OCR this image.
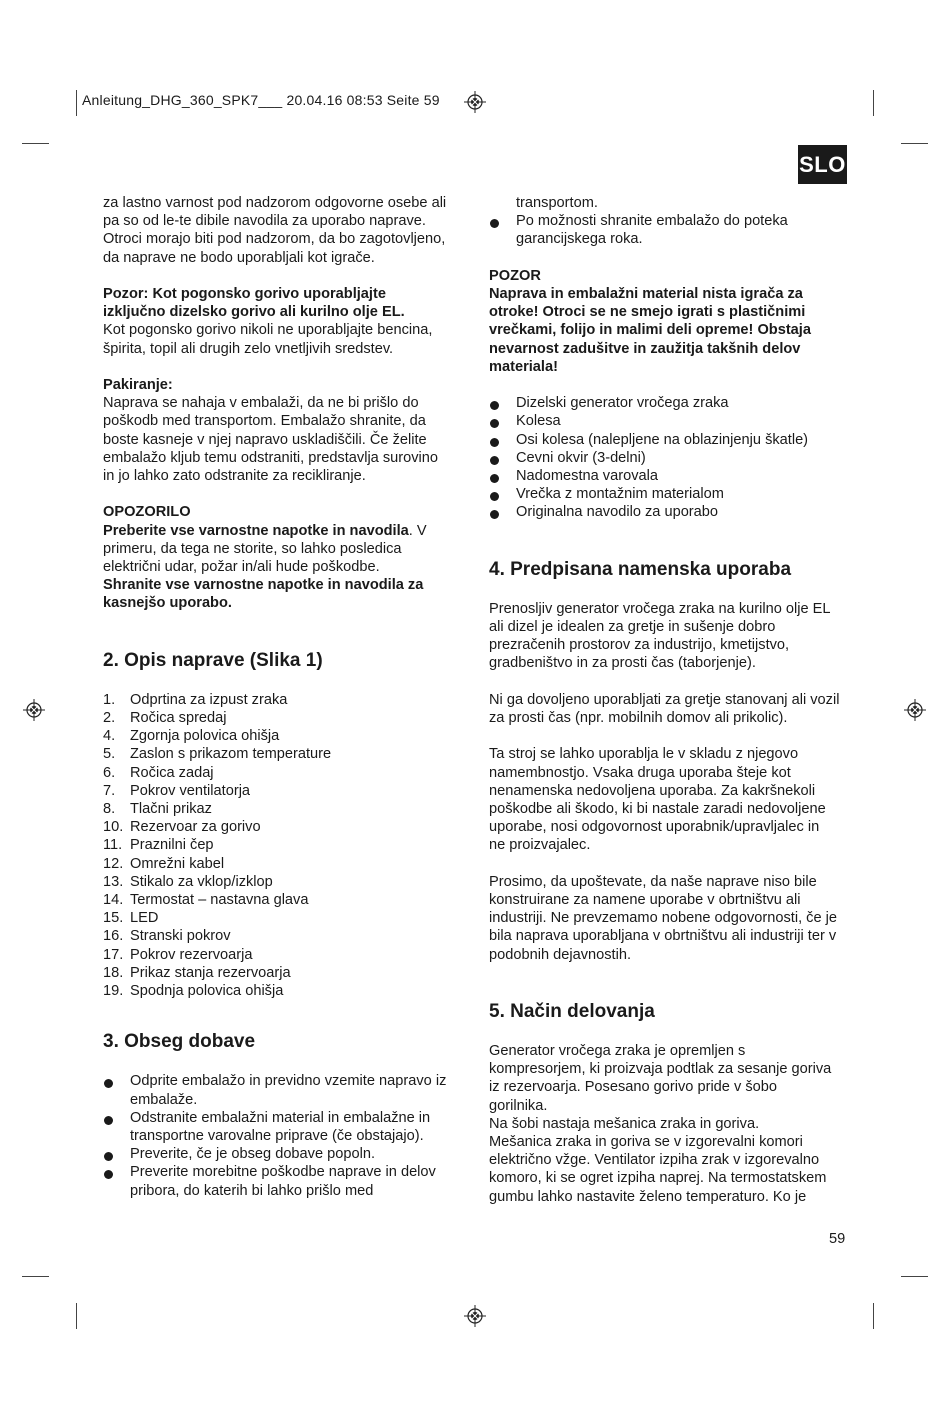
Anleitung_DHG_360_SPK7___ 20.04.16 08:53 Seite 59
SLO

za lastno varnost pod nadzorom odgovorne osebe ali
pa so od le-te dibile navodila za uporabo naprave.
Otroci morajo biti pod nadzorom, da bo zagotovljeno,
da naprave ne bodo uporabljali kot igrače.

Pozor: Kot pogonsko gorivo uporabljajte
izključno dizelsko gorivo ali kurilno olje EL.
Kot pogonsko gorivo nikoli ne uporabljajte bencina,
špirita, topil ali drugih zelo vnetljivih sredstev.

Pakiranje:
Naprava se nahaja v embalaži, da ne bi prišlo do
poškodb med transportom. Embalažo shranite, da
boste kasneje v njej napravo uskladiščili. Če želite
embalažo kljub temu odstraniti, predstavlja surovino
in jo lahko zato odstranite za recikliranje.

OPOZORILO
Preberite vse varnostne napotke in navodila. V
primeru, da tega ne storite, so lahko posledica
električni udar, požar in/ali hude poškodbe.
Shranite vse varnostne napotke in navodila za
kasnejšo uporabo.

2. Opis naprave (Slika 1)
1. Odprtina za izpust zraka
2. Ročica spredaj
4. Zgornja polovica ohišja
5. Zaslon s prikazom temperature
6. Ročica zadaj
7. Pokrov ventilatorja
8. Tlačni prikaz
10. Rezervoar za gorivo
11. Praznilni čep
12. Omrežni kabel
13. Stikalo za vklop/izklop
14. Termostat – nastavna glava
15. LED
16. Stranski pokrov
17. Pokrov rezervoarja
18. Prikaz stanja rezervoarja
19. Spodnja polovica ohišja
3. Obseg dobave
Odprite embalažo in previdno vzemite napravo iz
embalaže.
Odstranite embalažni material in embalažne in
transportne varovalne priprave (če obstajajo).
Preverite, če je obseg dobave popoln.
Preverite morebitne poškodbe naprave in delov
pribora, do katerih bi lahko prišlo med
transportom.
Po možnosti shranite embalažo do poteka
garancijskega roka.

POZOR
Naprava in embalažni material nista igrača za
otroke! Otroci se ne smejo igrati s plastičnimi
vrečkami, folijo in malimi deli opreme! Obstaja
nevarnost zadušitve in zaužitja takšnih delov
materiala!

Dizelski generator vročega zraka
Kolesa
Osi kolesa (nalepljene na oblazinjenju škatle)
Cevni okvir (3-delni)
Nadomestna varovala
Vrečka z montažnim materialom
Originalna navodilo za uporabo
4. Predpisana namenska uporaba

Prenosljiv generator vročega zraka na kurilno olje EL
ali dizel je idealen za gretje in sušenje dobro
prezračenih prostorov za industrijo, kmetijstvo,
gradbeništvo in za prosti čas (taborjenje).

Ni ga dovoljeno uporabljati za gretje stanovanj ali vozil
za prosti čas (npr. mobilnih domov ali prikolic).

Ta stroj se lahko uporablja le v skladu z njegovo
namembnostjo. Vsaka druga uporaba šteje kot
nenamenska nedovoljena uporaba. Za kakršnekoli
poškodbe ali škodo, ki bi nastale zaradi nedovoljene
uporabe, nosi odgovornost uporabnik/upravljalec in
ne proizvajalec.

Prosimo, da upoštevate, da naše naprave niso bile
konstruirane za namene uporabe v obrtništvu ali
industriji. Ne prevzemamo nobene odgovornosti, če je
bila naprava uporabljana v obrtništvu ali industriji ter v
podobnih dejavnostih.

5. Način delovanja

Generator vročega zraka je opremljen s
kompresorjem, ki proizvaja podtlak za sesanje goriva
iz rezervoarja. Posesano gorivo pride v šobo
gorilnika.
Na šobi nastaja mešanica zraka in goriva.
Mešanica zraka in goriva se v izgorevalni komori
električno vžge. Ventilator izpiha zrak v izgorevalno
komoro, ki se ogret izpiha naprej. Na termostatskem
gumbu lahko nastavite želeno temperaturo. Ko je

59
